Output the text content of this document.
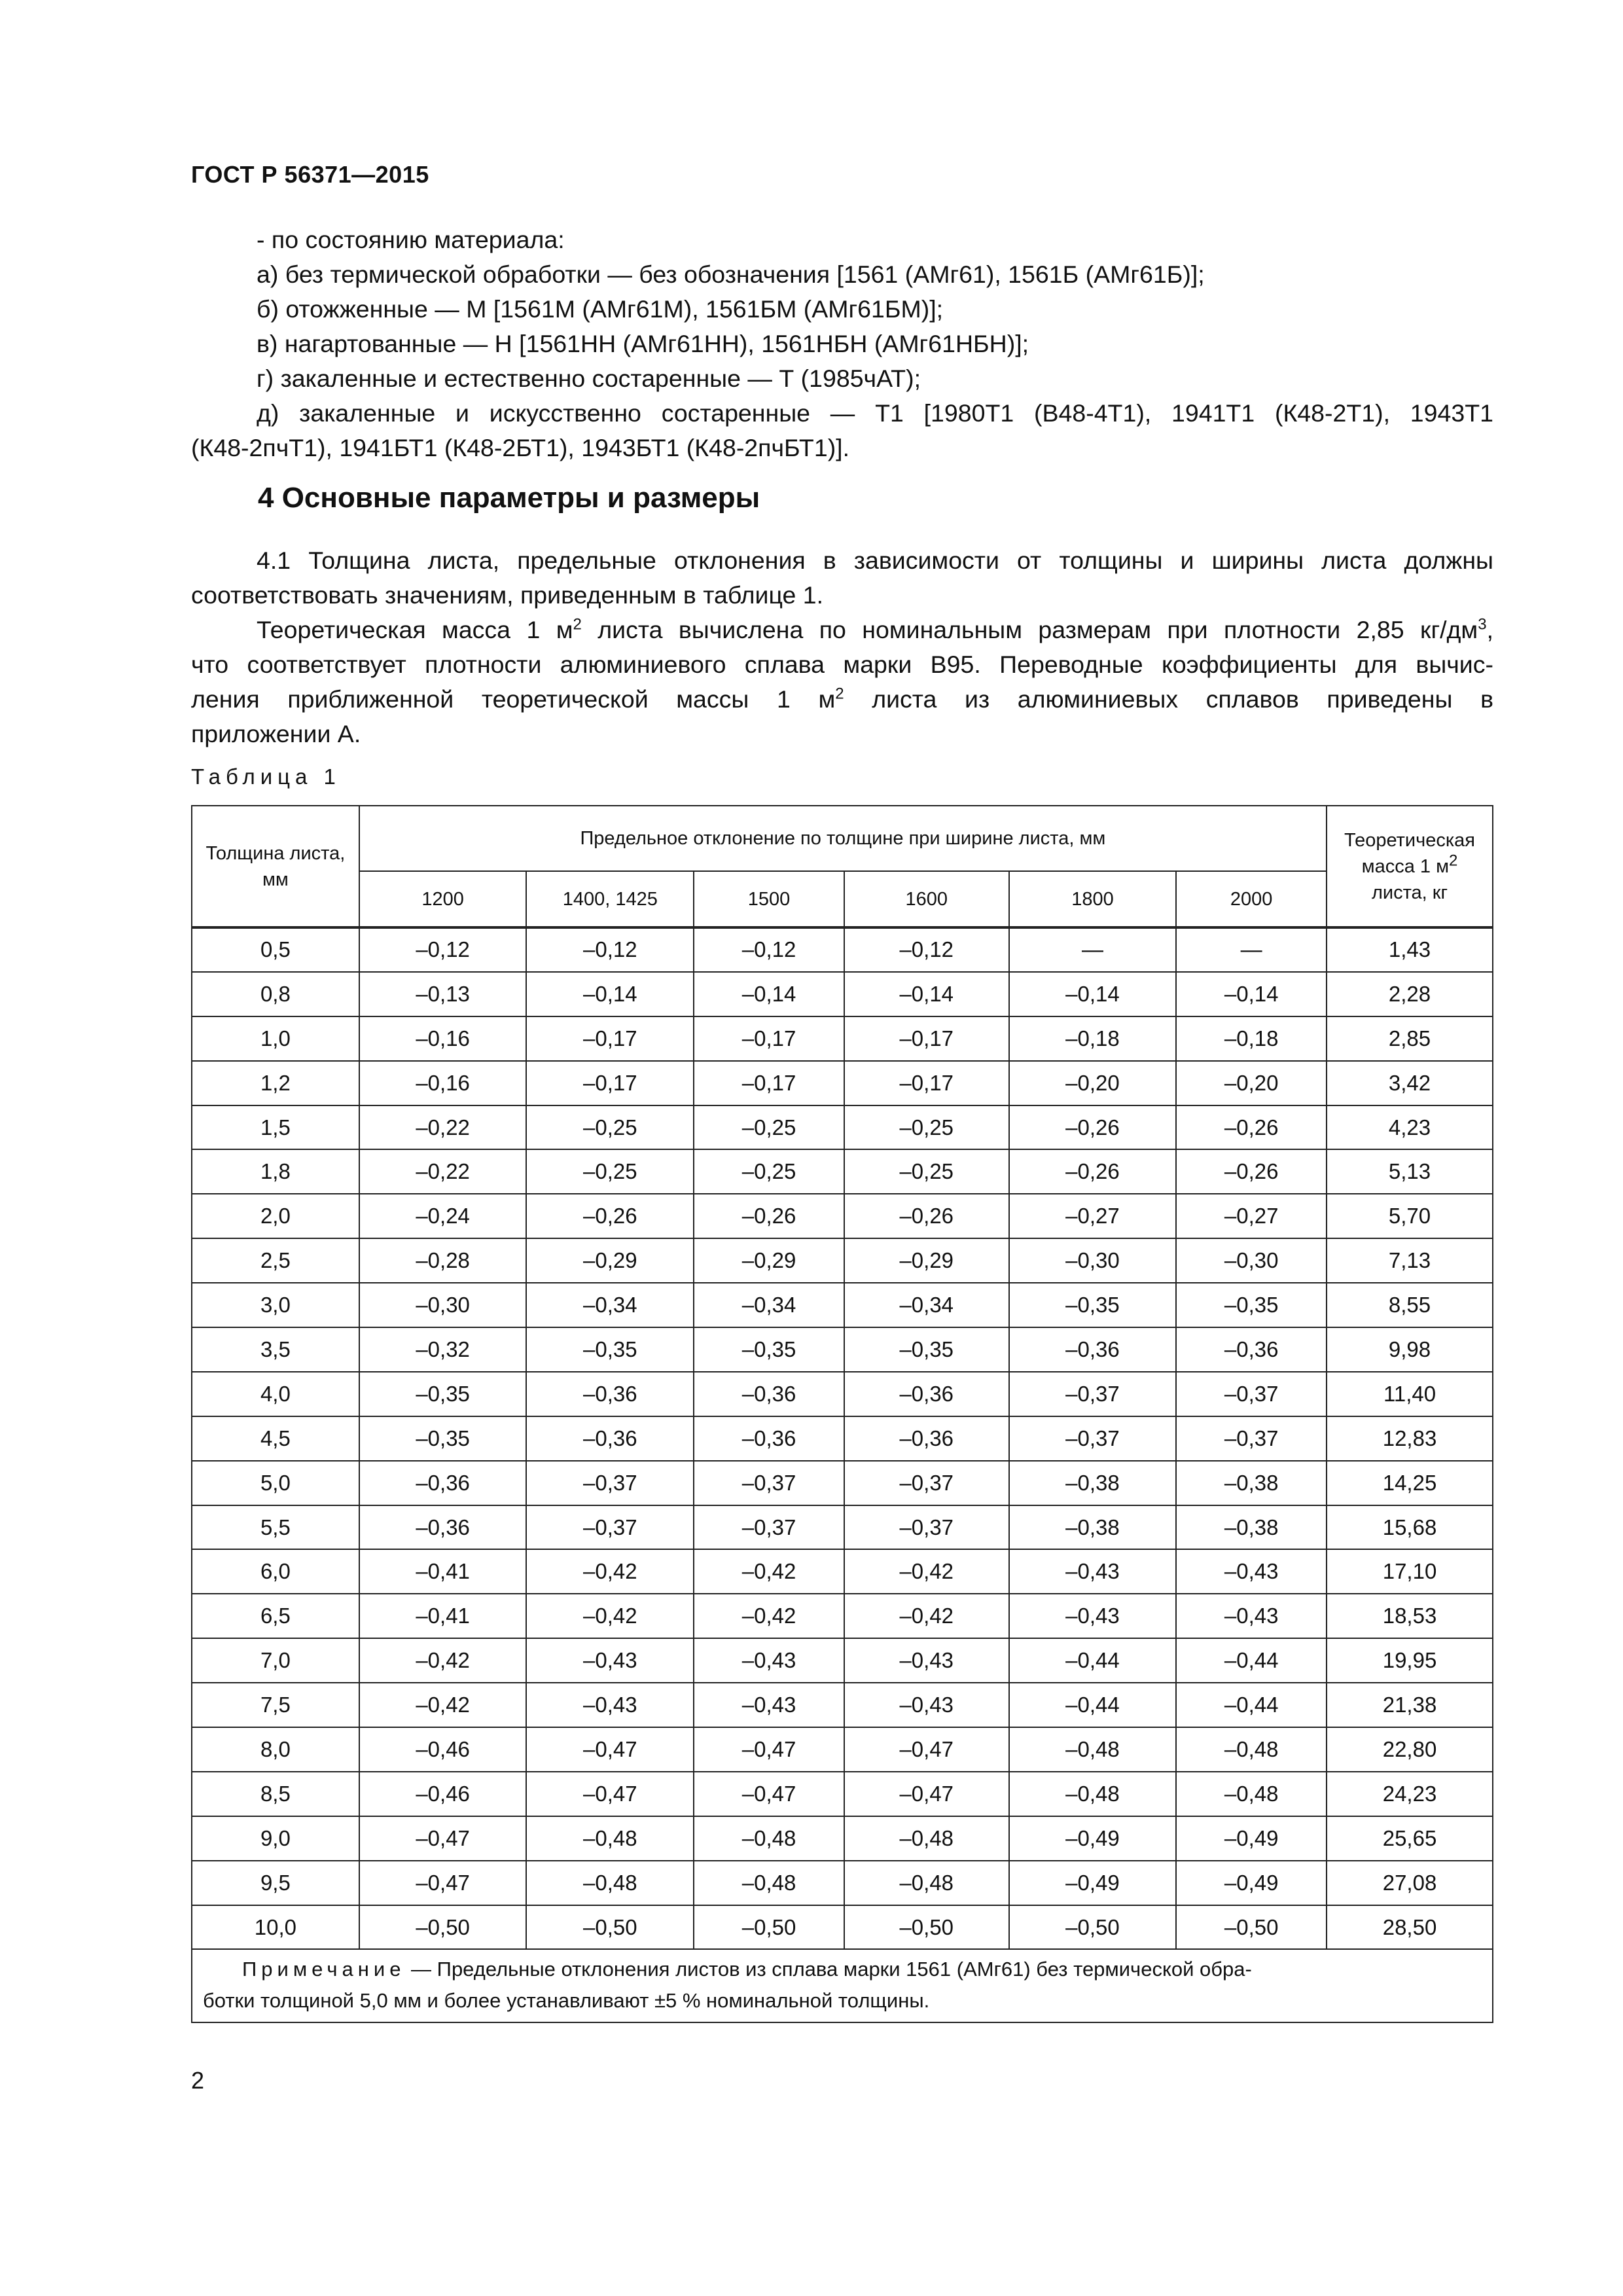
ГОСТ Р 56371—2015

- по состоянию материала:

а) без термической обработки — без обозначения [1561 (АМг61), 1561Б (АМг61Б)];

б) отожженные — М [1561М (АМг61М), 1561БМ (АМг61БМ)];

в) нагартованные — Н [1561НН (АМг61НН), 1561НБН (АМг61НБН)];

г) закаленные и естественно состаренные — Т (1985чАТ);

д) закаленные и искусственно состаренные — Т1 [1980Т1 (В48-4Т1), 1941Т1 (К48-2Т1), 1943Т1

(К48-2пчТ1), 1941БТ1 (К48-2БТ1), 1943БТ1 (К48-2пчБТ1)].

4 Основные параметры и размеры

4.1 Толщина листа, предельные отклонения в зависимости от толщины и ширины листа должны

соответствовать значениям, приведенным в таблице 1.

Теоретическая масса 1 $м^2$ листа вычислена по номинальным размерам при плотности 2,85 $кг/дм^3$,

что соответствует плотности алюминиевого сплава марки В95. Переводные коэффициенты для вычис-

ления приближенной теоретической массы 1 $м^2$ листа из алюминиевых сплавов приведены в

приложении А.

Таблица 1
Толщина листа, мм	Предельное отклонение по толщине при ширине листа, мм						Теоретическая масса 1 $м^2$
листа, кг
	1200	1400, 1425	1500	1600	1800	2000	
0,5	–0,12	–0,12	–0,12	–0,12	—	—	1,43
0,8	–0,13	–0,14	–0,14	–0,14	–0,14	–0,14	2,28
1,0	–0,16	–0,17	–0,17	–0,17	–0,18	–0,18	2,85
1,2	–0,16	–0,17	–0,17	–0,17	–0,20	–0,20	3,42
1,5	–0,22	–0,25	–0,25	–0,25	–0,26	–0,26	4,23
1,8	–0,22	–0,25	–0,25	–0,25	–0,26	–0,26	5,13
2,0	–0,24	–0,26	–0,26	–0,26	–0,27	–0,27	5,70
2,5	–0,28	–0,29	–0,29	–0,29	–0,30	–0,30	7,13
3,0	–0,30	–0,34	–0,34	–0,34	–0,35	–0,35	8,55
3,5	–0,32	–0,35	–0,35	–0,35	–0,36	–0,36	9,98
4,0	–0,35	–0,36	–0,36	–0,36	–0,37	–0,37	11,40
4,5	–0,35	–0,36	–0,36	–0,36	–0,37	–0,37	12,83
5,0	–0,36	–0,37	–0,37	–0,37	–0,38	–0,38	14,25
5,5	–0,36	–0,37	–0,37	–0,37	–0,38	–0,38	15,68
6,0	–0,41	–0,42	–0,42	–0,42	–0,43	–0,43	17,10
6,5	–0,41	–0,42	–0,42	–0,42	–0,43	–0,43	18,53
7,0	–0,42	–0,43	–0,43	–0,43	–0,44	–0,44	19,95
7,5	–0,42	–0,43	–0,43	–0,43	–0,44	–0,44	21,38
8,0	–0,46	–0,47	–0,47	–0,47	–0,48	–0,48	22,80
8,5	–0,46	–0,47	–0,47	–0,47	–0,48	–0,48	24,23
9,0	–0,47	–0,48	–0,48	–0,48	–0,49	–0,49	25,65
9,5	–0,47	–0,48	–0,48	–0,48	–0,49	–0,49	27,08
10,0	–0,50	–0,50	–0,50	–0,50	–0,50	–0,50	28,50

Примечание — Предельные отклонения листов из сплава марки 1561 (АМг61) без термической обра-
ботки толщиной 5,0 мм и более устанавливают ±5 % номинальной толщины.							
2
